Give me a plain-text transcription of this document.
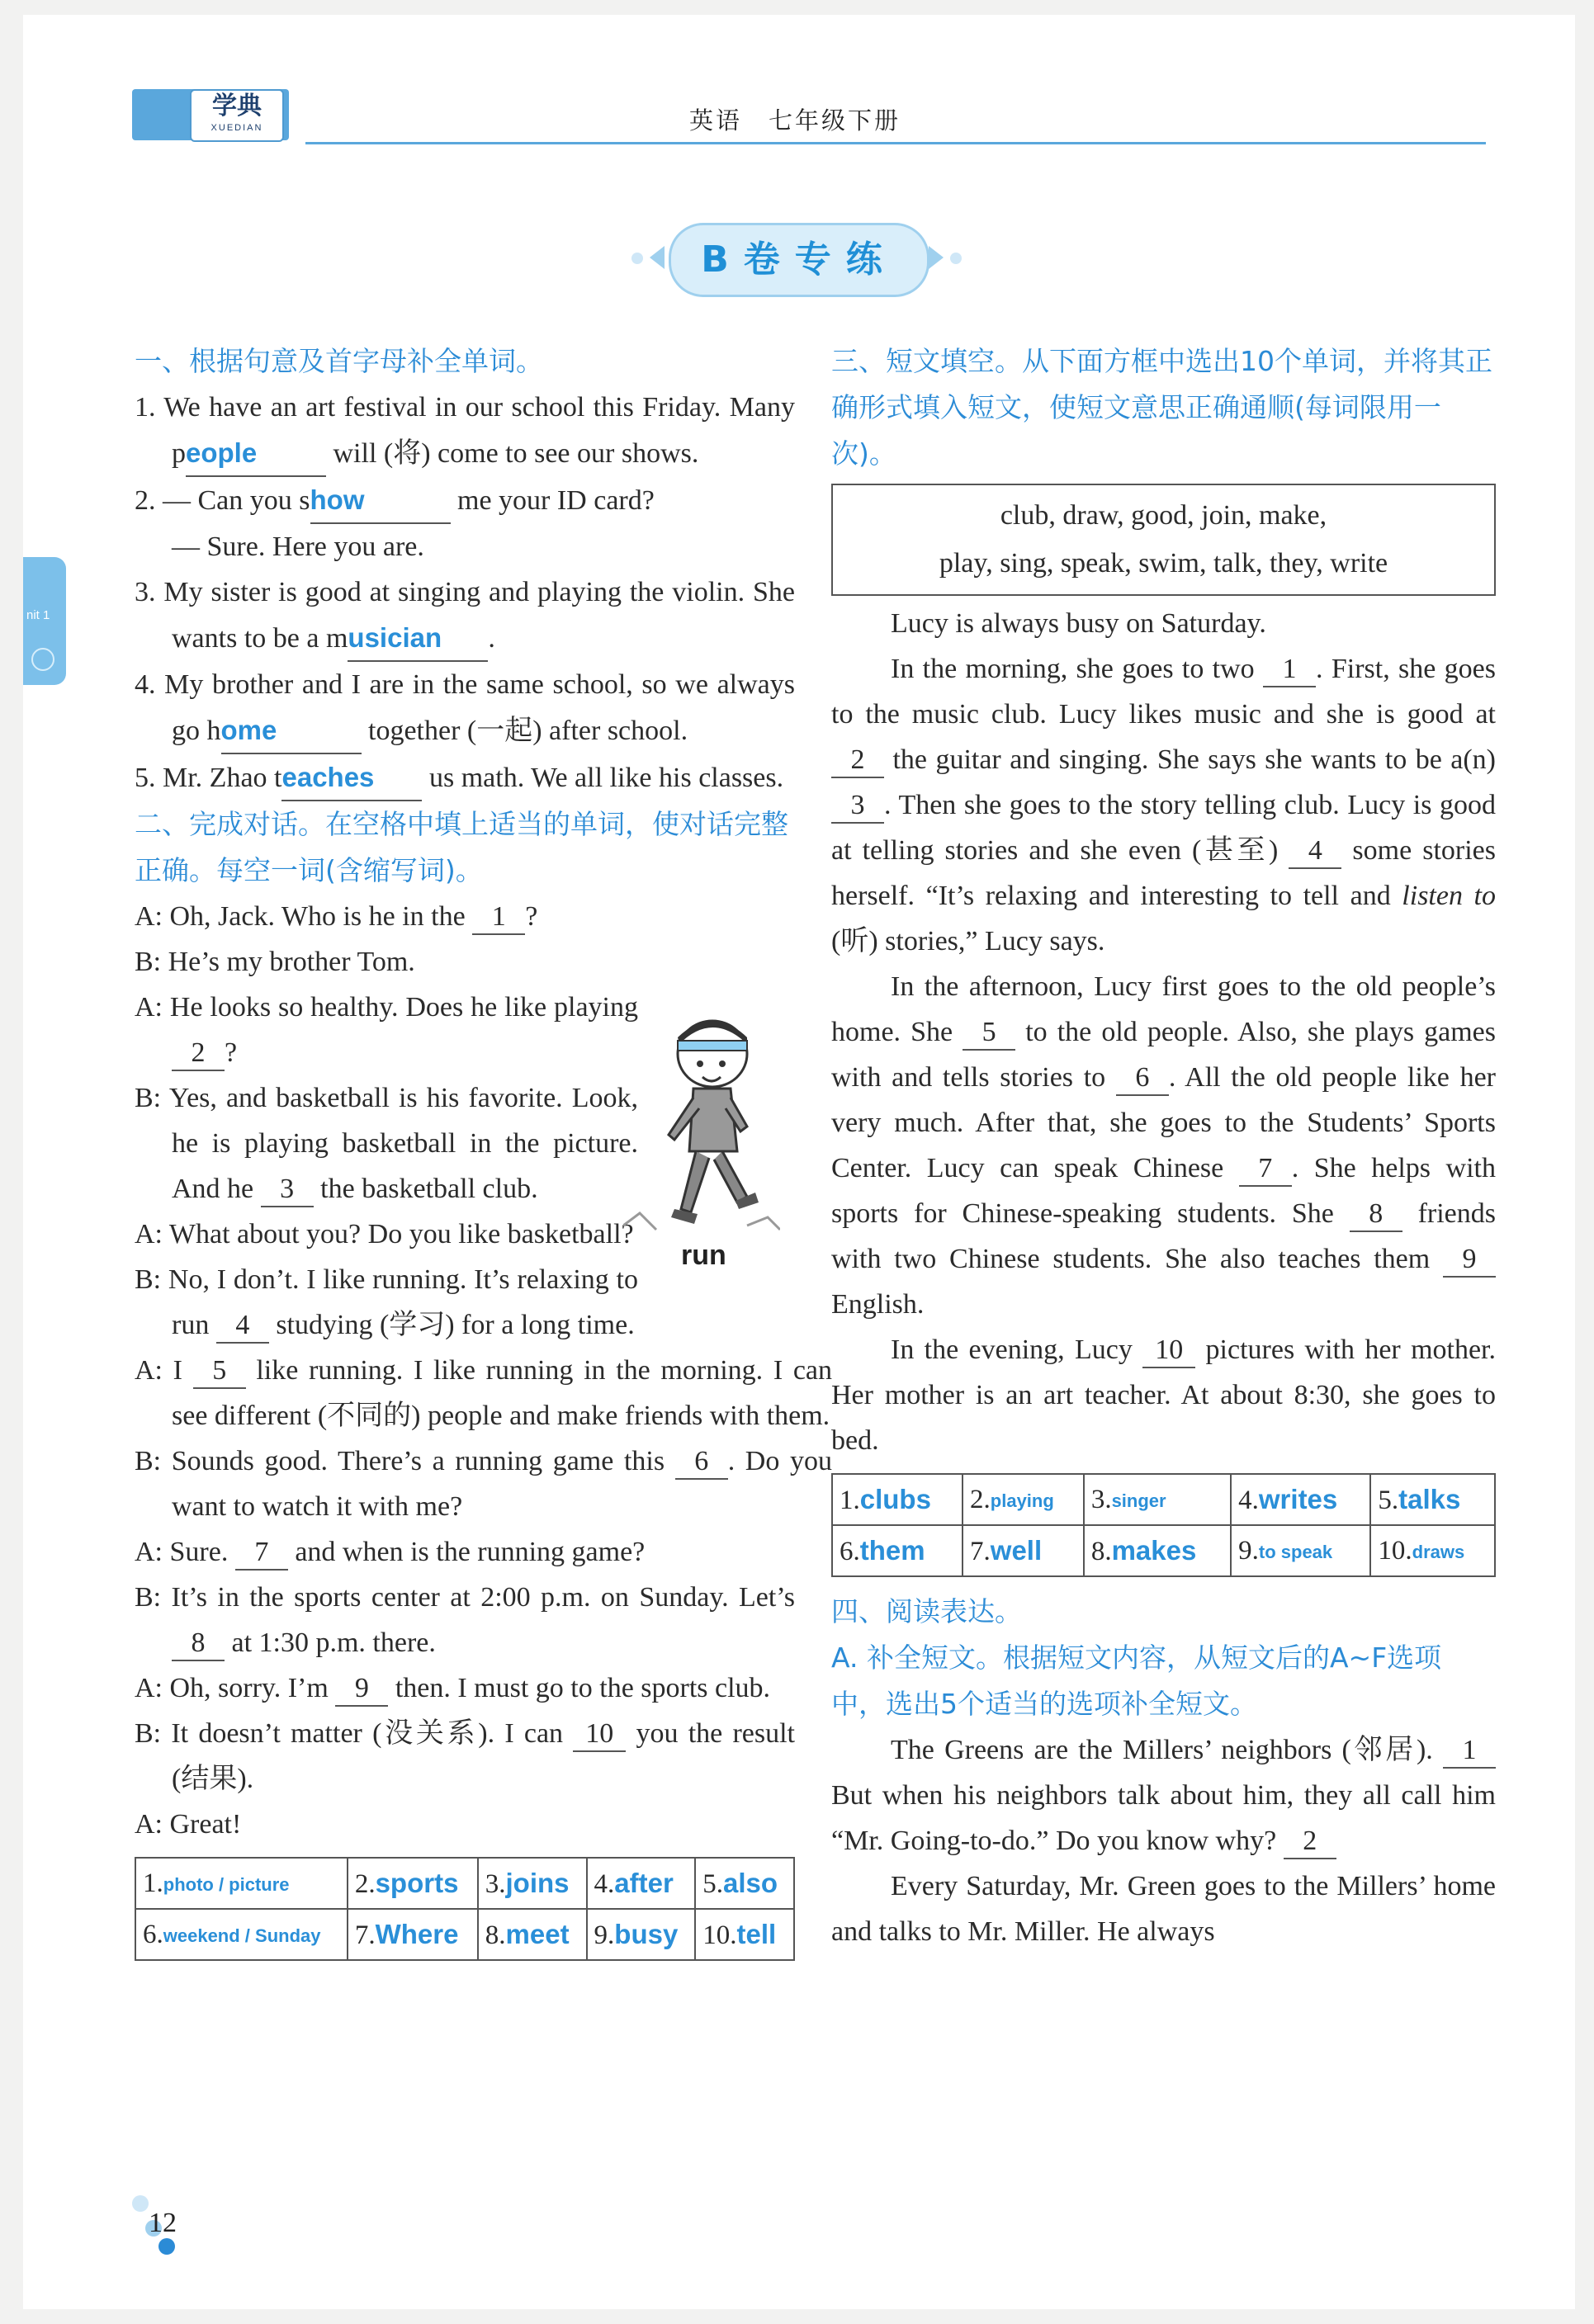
学典
XUEDIAN	英语　七年级下册
nit 1
B卷专练

一、根据句意及首字母补全单词。

1. We have an art festival in our school this Friday. Many people will (将) come to see our shows.

2. — Can you show	me your ID card?

— Sure. Here you are.

3. My sister is good at singing and playing the violin. She wants to be a musician .

4. My brother and I are in the same school, so we always go home	together (一起) after school.

5. Mr. Zhao teaches us math. We all like his classes.

二、完成对话。在空格中填上适当的单词，使对话完整正确。每空一词(含缩写词)。

A: Oh, Jack. Who is he in the 1 ?

B: He’s my brother Tom.

A: He looks so healthy. Does he like playing 2 ?

B: Yes, and basketball is his favorite. Look, he is playing basketball in the picture. And he 3 the basketball club.

A: What about you? Do you like basketball?

B: No, I don’t. I like running. It’s relaxing to run 4 studying (学习) for a long time.

A: I 5 like running. I like running in the morning. I can see different (不同的) people and make friends with them.

B: Sounds good. There’s a running game this 6 . Do you want to watch it with me?

A: Sure. 7 and when is the running game?

B: It’s in the sports center at 2:00 p.m. on Sunday. Let’s 8 at 1:30 p.m. there.

A: Oh, sorry. I’m 9 then. I must go to the sports club.

B: It doesn’t matter (没关系). I can 10 you the result (结果).

A: Great!

1.photo / picture	2.sports	3.joins	4.after	5.also
6.weekend / Sunday	7.Where	8.meet	9.busy	10.tell
run

三、短文填空。从下面方框中选出10个单词，并将其正确形式填入短文，使短文意思正确通顺(每词限用一次)。

club, draw, good, join, make,

play, sing, speak, swim, talk, they, write

Lucy is always busy on Saturday.

In the morning, she goes to two 1 . First, she goes to the music club. Lucy likes music and she is good at 2 the guitar and singing. She says she wants to be a(n) 3 . Then she goes to the story telling club. Lucy is good at telling stories and she even (甚至) 4 some stories herself. “It’s relaxing and interesting to tell and listen to (听) stories,” Lucy says.

In the afternoon, Lucy first goes to the old people’s home. She 5 to the old people. Also, she plays games with and tells stories to 6 . All the old people like her very much. After that, she goes to the Students’ Sports Center. Lucy can speak Chinese 7 . She helps with sports for Chinese-speaking students. She 8 friends with two Chinese students. She also teaches them 9 English.

In the evening, Lucy 10 pictures with her mother. Her mother is an art teacher. At about 8:30, she goes to bed.

1.clubs	2.playing	3.singer	4.writes	5.talks
6.them	7.well	8.makes	9.to speak	10.draws

四、阅读表达。

A. 补全短文。根据短文内容，从短文后的A~F选项中，选出5个适当的选项补全短文。

The Greens are the Millers’ neighbors (邻居). 1 But when his neighbors talk about him, they all call him “Mr. Going-to-do.” Do you know why? 2

Every Saturday, Mr. Green goes to the Millers’ home and talks to Mr. Miller. He always

12
